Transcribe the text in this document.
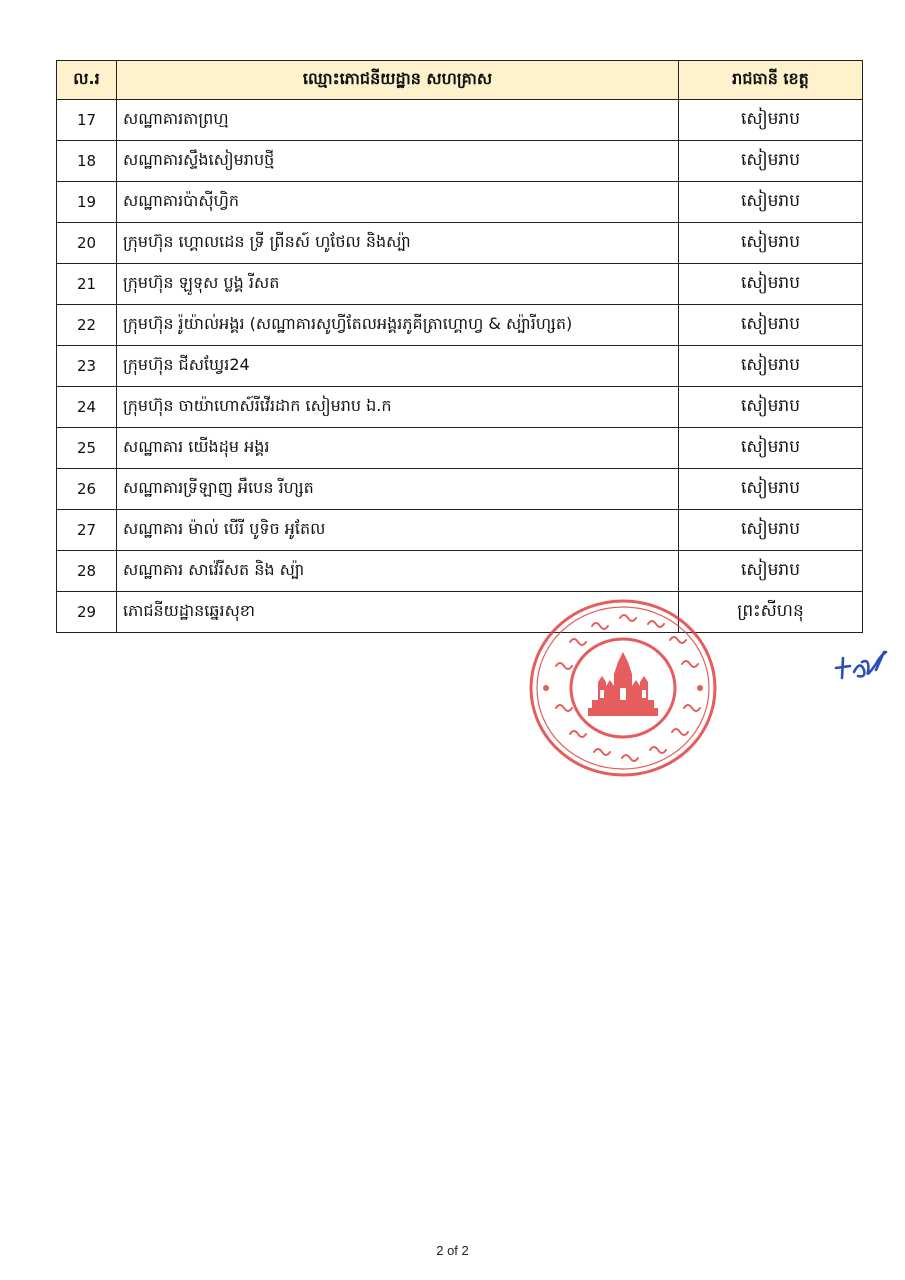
ល.រ	ឈ្មោះភោជនីយដ្ឋាន សហគ្រាស	រាជធានី ខេត្ត
17	សណ្ឋាគារតាព្រហ្ម	សៀមរាប
18	សណ្ឋាគារស្ទឹងសៀមរាបថ្មី	សៀមរាប
19	សណ្ឋាគារប៉ាស៊ីហ្វិក	សៀមរាប
20	ក្រុមហ៊ុន ហ្គោលដេន ទ្រី ព្រីនស៍ ហូថែល និងស្ប៉ា	សៀមរាប
21	ក្រុមហ៊ុន ឡូទុស ប្លង្គ រីសត	សៀមរាប
22	ក្រុមហ៊ុន រ៉ូយ៉ាល់អង្គរ (សណ្ឋាគារសូហ្វីតែលអង្គរភូគីត្រាហ្គោហ្វ & ស្ប៉ារីហ្សត)	សៀមរាប
23	ក្រុមហ៊ុន ជីសឃ្វែរ24	សៀមរាប
24	ក្រុមហ៊ុន ចាយ៉ាហោស៍រីវើរដាក សៀមរាប ឯ.ក	សៀមរាប
25	សណ្ឋាគារ យើងដុម អង្គរ	សៀមរាប
26	សណ្ឋាគារទ្រីឡាញ អឹបេន រីហ្សត	សៀមរាប
27	សណ្ឋាគារ ម៉ាល់ បើរី បូទិច អូតែល	សៀមរាប
28	សណ្ឋាគារ សាវ៉េរីសត និង ស្ប៉ា	សៀមរាប
29	ភោជនីយដ្ឋានឆ្នេរសុខា	ព្រះសីហនុ
2 of 2
